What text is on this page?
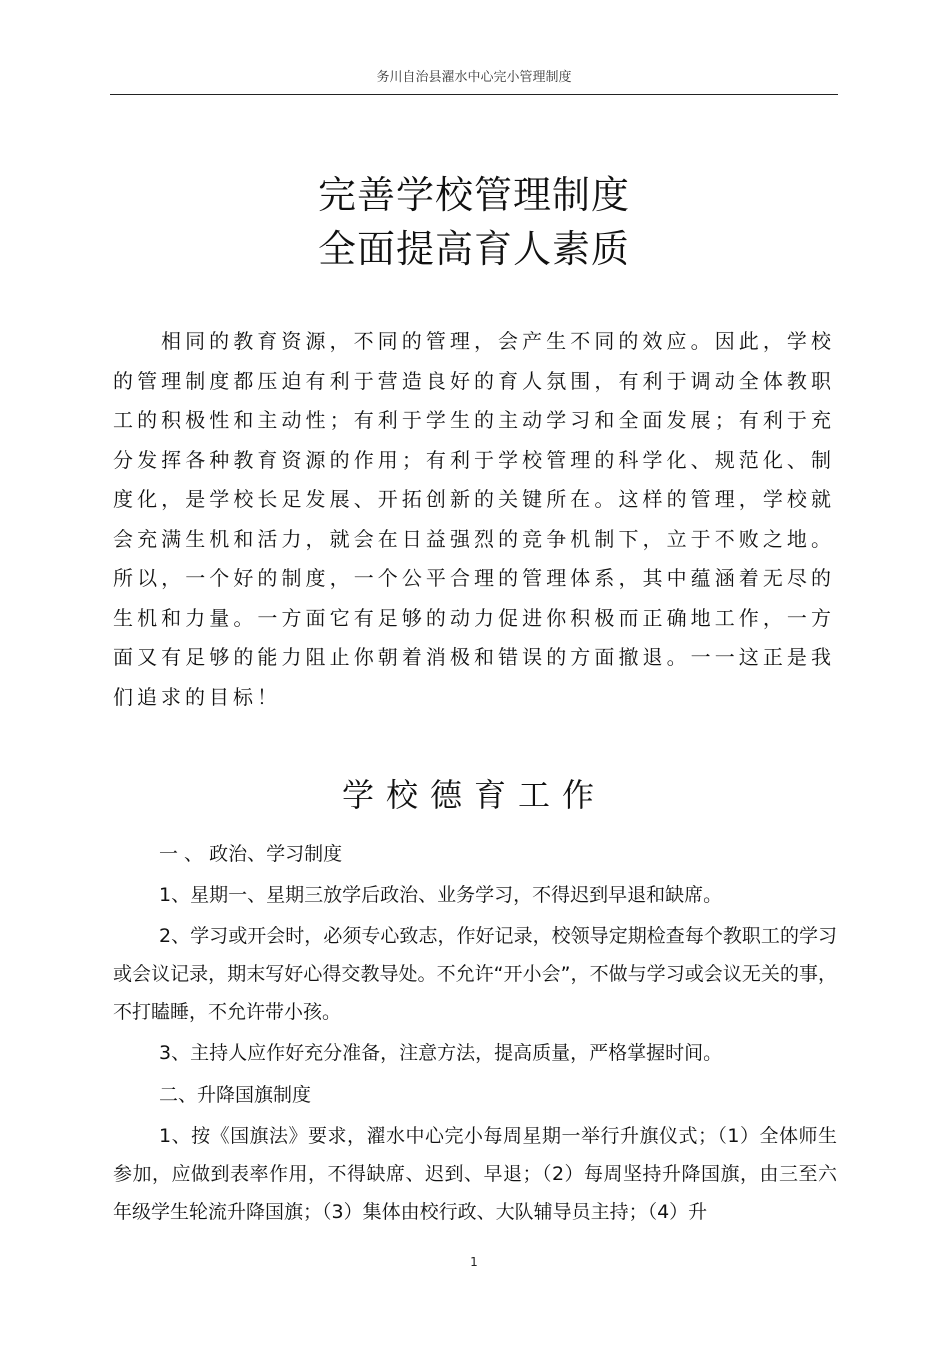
务川自治县濯水中心完小管理制度
完善学校管理制度
全面提高育人素质

相同的教育资源，不同的管理，会产生不同的效应。因此，学校的管理制度都压迫有利于营造良好的育人氛围，有利于调动全体教职工的积极性和主动性；有利于学生的主动学习和全面发展；有利于充分发挥各种教育资源的作用；有利于学校管理的科学化、规范化、制度化，是学校长足发展、开拓创新的关键所在。这样的管理，学校就会充满生机和活力，就会在日益强烈的竞争机制下，立于不败之地。所以，一个好的制度，一个公平合理的管理体系，其中蕴涵着无尽的生机和力量。一方面它有足够的动力促进你积极而正确地工作，一方面又有足够的能力阻止你朝着消极和错误的方面撤退。一一这正是我们追求的目标！

学校德育工作
一 、 政治、学习制度

1、星期一、星期三放学后政治、业务学习，不得迟到早退和缺席。

2、学习或开会时，必须专心致志，作好记录，校领导定期检查每个教职工的学习或会议记录，期末写好心得交教导处。不允许“开小会”，不做与学习或会议无关的事，不打瞌睡，不允许带小孩。

3、主持人应作好充分准备，注意方法，提高质量，严格掌握时间。

二、升降国旗制度

1、按《国旗法》要求，濯水中心完小每周星期一举行升旗仪式；（1）全体师生参加，应做到表率作用，不得缺席、迟到、早退；（2）每周坚持升降国旗，由三至六年级学生轮流升降国旗；（3）集体由校行政、大队辅导员主持；（4）升

1
